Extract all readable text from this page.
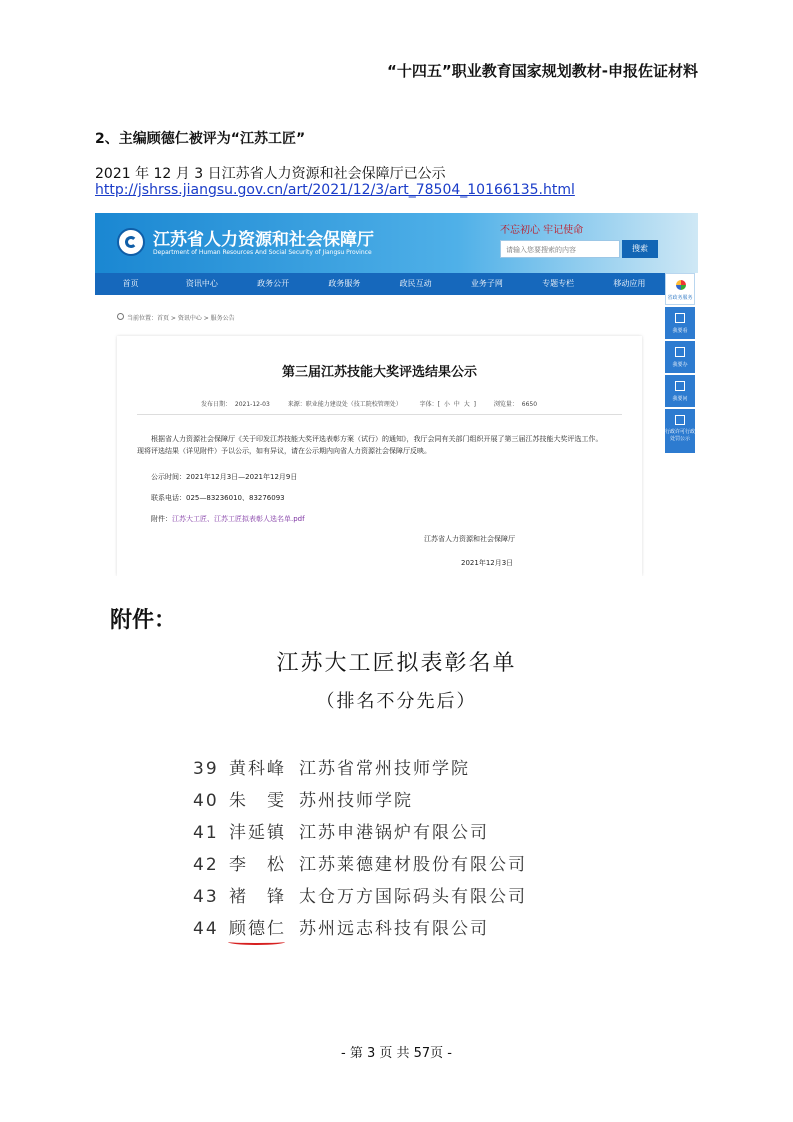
“十四五”职业教育国家规划教材-申报佐证材料
2、主编顾德仁被评为“江苏工匠”
2021 年 12 月 3 日江苏省人力资源和社会保障厅已公示
http://jshrss.jiangsu.gov.cn/art/2021/12/3/art_78504_10166135.html
江苏省人力资源和社会保障厅
Department of Human Resources And Social Security of Jiangsu Province
不忘初心 牢记使命
请输入您要搜索的内容	搜索
首页	资讯中心	政务公开	政务服务	政民互动	业务子网	专题专栏	移动应用
省政务服务
我要看
我要办
我要问
行政许可行政处罚公示
当前位置：首页 > 资讯中心 > 服务公告
第三届江苏技能大奖评选结果公示
发布日期： 2021-12-03	来源：职业能力建设处（技工院校管理处）	字体：[ 小 中 大 ]	浏览量： 6650
根据省人力资源社会保障厅《关于印发江苏技能大奖评选表彰方案（试行）的通知》，我厅会同有关部门组织开展了第三届江苏技能大奖评选工作。现将评选结果（详见附件）予以公示，如有异议，请在公示期内向省人力资源社会保障厅反映。
公示时间：2021年12月3日—2021年12月9日
联系电话：025—83236010、83276093
附件：江苏大工匠、江苏工匠拟表彰人选名单.pdf
江苏省人力资源和社会保障厅
2021年12月3日
附件：
江苏大工匠拟表彰名单
（排名不分先后）
39 黄科峰 江苏省常州技师学院
40 朱　雯 苏州技师学院
41 沣延镇 江苏申港锅炉有限公司
42 李　松 江苏莱德建材股份有限公司
43 褚　锋 太仓万方国际码头有限公司
44 顾德仁 苏州远志科技有限公司
- 第 3 页 共 57页 -
